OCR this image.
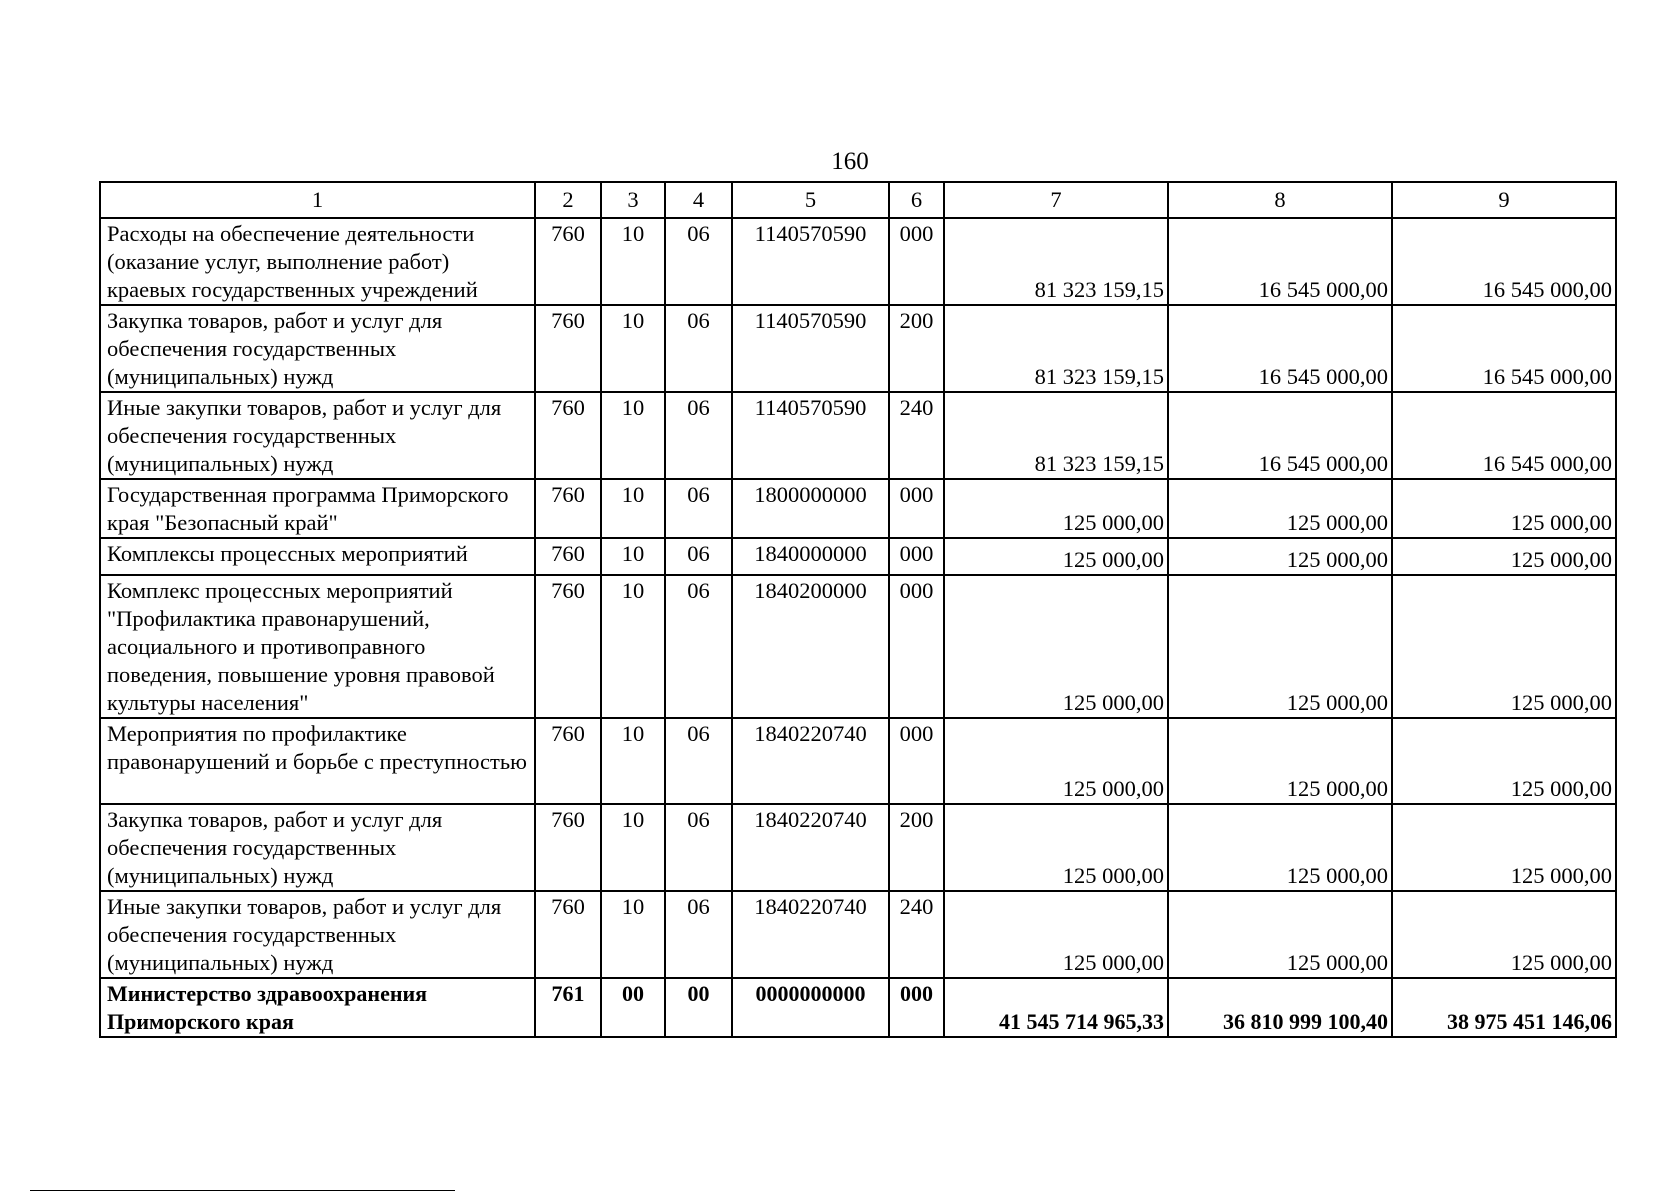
160
1	2	3	4	5	6	7	8	9
Расходы на обеспечение деятельности (оказание услуг, выполнение работ) краевых государственных учреждений	760	10	06	1140570590	000	81 323 159,15	16 545 000,00	16 545 000,00
Закупка товаров, работ и услуг для обеспечения государственных (муниципальных) нужд	760	10	06	1140570590	200	81 323 159,15	16 545 000,00	16 545 000,00
Иные закупки товаров, работ и услуг для обеспечения государственных (муниципальных) нужд	760	10	06	1140570590	240	81 323 159,15	16 545 000,00	16 545 000,00
Государственная программа Приморского края "Безопасный край"	760	10	06	1800000000	000	125 000,00	125 000,00	125 000,00
Комплексы процессных мероприятий	760	10	06	1840000000	000	125 000,00	125 000,00	125 000,00
Комплекс процессных мероприятий "Профилактика правонарушений, асоциального и противоправного поведения, повышение уровня правовой культуры населения"	760	10	06	1840200000	000	125 000,00	125 000,00	125 000,00
Мероприятия по профилактике правонарушений и борьбе с преступностью	760	10	06	1840220740	000	125 000,00	125 000,00	125 000,00
Закупка товаров, работ и услуг для обеспечения государственных (муниципальных) нужд	760	10	06	1840220740	200	125 000,00	125 000,00	125 000,00
Иные закупки товаров, работ и услуг для обеспечения государственных (муниципальных) нужд	760	10	06	1840220740	240	125 000,00	125 000,00	125 000,00
Министерство здравоохранения Приморского края	761	00	00	0000000000	000	41 545 714 965,33	36 810 999 100,40	38 975 451 146,06
